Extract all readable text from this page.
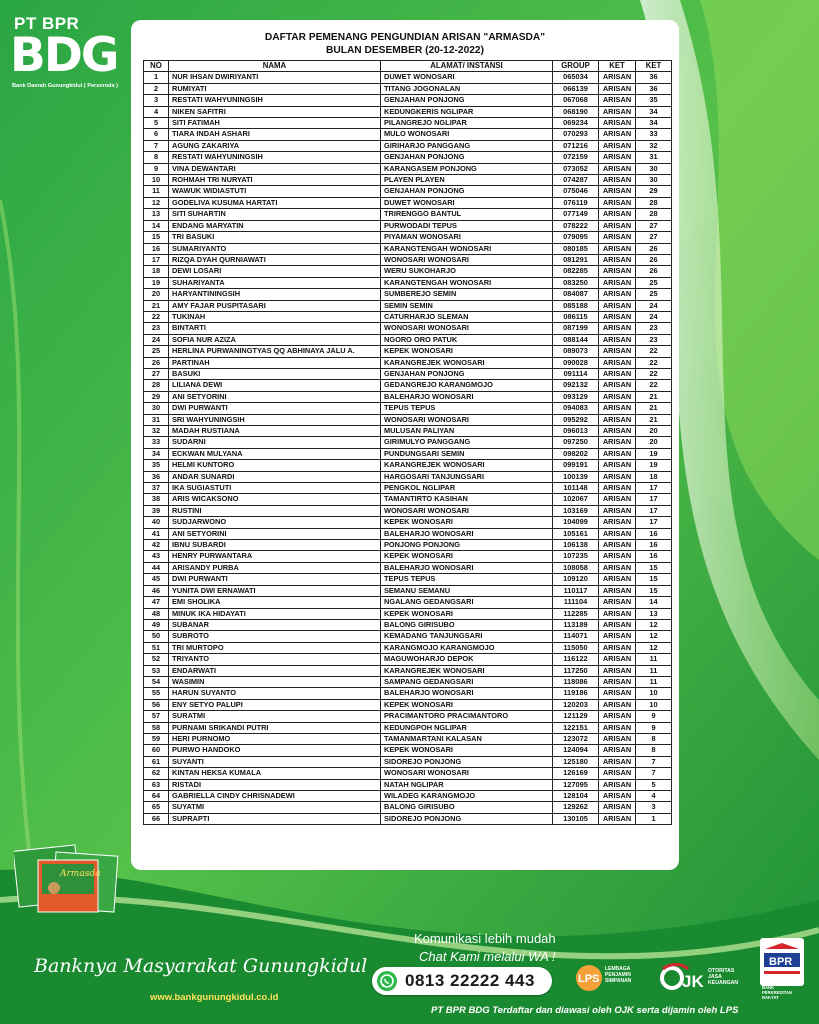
PT BPR
BDG
Bank Daerah Gunungkidul ( Perseroda )
DAFTAR PEMENANG PENGUNDIAN ARISAN "ARMASDA"
BULAN DESEMBER (20-12-2022)
NO	NAMA	ALAMAT/ INSTANSI	GROUP	KET	KET
1	NUR IHSAN DWIRIYANTI	DUWET WONOSARI	065034	ARISAN	36
2	RUMIYATI	TITANG JOGONALAN	066139	ARISAN	36
3	RESTATI WAHYUNINGSIH	GENJAHAN PONJONG	067068	ARISAN	35
4	NIKEN SAFITRI	KEDUNGKERIS NGLIPAR	068190	ARISAN	34
5	SITI FATIMAH	PILANGREJO NGLIPAR	069234	ARISAN	34
6	TIARA INDAH ASHARI	MULO WONOSARI	070293	ARISAN	33
7	AGUNG ZAKARIYA	GIRIHARJO PANGGANG	071216	ARISAN	32
8	RESTATI WAHYUNINGSIH	GENJAHAN PONJONG	072159	ARISAN	31
9	VINA DEWANTARI	KARANGASEM PONJONG	073052	ARISAN	30
10	ROHMAH TRI NURYATI	PLAYEN PLAYEN	074287	ARISAN	30
11	WAWUK WIDIASTUTI	GENJAHAN PONJONG	075046	ARISAN	29
12	GODELIVA KUSUMA HARTATI	DUWET WONOSARI	076119	ARISAN	28
13	SITI SUHARTIN	TRIRENGGO BANTUL	077149	ARISAN	28
14	ENDANG MARYATIN	PURWODADI TEPUS	078222	ARISAN	27
15	TRI BASUKI	PIYAMAN WONOSARI	079095	ARISAN	27
16	SUMARIYANTO	KARANGTENGAH WONOSARI	080185	ARISAN	26
17	RIZQA DYAH QURNIAWATI	WONOSARI WONOSARI	081291	ARISAN	26
18	DEWI LOSARI	WERU SUKOHARJO	082285	ARISAN	26
19	SUHARIYANTA	KARANGTENGAH WONOSARI	083250	ARISAN	25
20	HARYANTININGSIH	SUMBEREJO SEMIN	084087	ARISAN	25
21	AMY FAJAR PUSPITASARI	SEMIN SEMIN	085188	ARISAN	24
22	TUKINAH	CATURHARJO SLEMAN	086115	ARISAN	24
23	BINTARTI	WONOSARI WONOSARI	087199	ARISAN	23
24	SOFIA NUR AZIZA	NGORO ORO PATUK	088144	ARISAN	23
25	HERLINA PURWANINGTYAS QQ ABHINAYA JALU A.	KEPEK WONOSARI	089073	ARISAN	22
26	PARTINAH	KARANGREJEK WONOSARI	090028	ARISAN	22
27	BASUKI	GENJAHAN PONJONG	091114	ARISAN	22
28	LILIANA DEWI	GEDANGREJO KARANGMOJO	092132	ARISAN	22
29	ANI SETYORINI	BALEHARJO WONOSARI	093129	ARISAN	21
30	DWI PURWANTI	TEPUS TEPUS	094083	ARISAN	21
31	SRI WAHYUNINGSIH	WONOSARI WONOSARI	095292	ARISAN	21
32	MADAH RUSTIANA	MULUSAN PALIYAN	096013	ARISAN	20
33	SUDARNI	GIRIMULYO PANGGANG	097250	ARISAN	20
34	ECKWAN MULYANA	PUNDUNGSARI SEMIN	098202	ARISAN	19
35	HELMI KUNTORO	KARANGREJEK WONOSARI	099191	ARISAN	19
36	ANDAR SUNARDI	HARGOSARI TANJUNGSARI	100139	ARISAN	18
37	IKA SUGIASTUTI	PENGKOL NGLIPAR	101148	ARISAN	17
38	ARIS WICAKSONO	TAMANTIRTO KASIHAN	102067	ARISAN	17
39	RUSTINI	WONOSARI WONOSARI	103169	ARISAN	17
40	SUDJARWONO	KEPEK WONOSARI	104099	ARISAN	17
41	ANI SETYORINI	BALEHARJO WONOSARI	105161	ARISAN	16
42	IBNU SUBARDI	PONJONG PONJONG	106138	ARISAN	16
43	HENRY PURWANTARA	KEPEK WONOSARI	107235	ARISAN	16
44	ARISANDY PURBA	BALEHARJO WONOSARI	108058	ARISAN	15
45	DWI PURWANTI	TEPUS TEPUS	109120	ARISAN	15
46	YUNITA DWI ERNAWATI	SEMANU SEMANU	110117	ARISAN	15
47	EMI SHOLIKA	NGALANG GEDANGSARI	111104	ARISAN	14
48	MINUK IKA HIDAYATI	KEPEK WONOSARI	112285	ARISAN	13
49	SUBANAR	BALONG GIRISUBO	113189	ARISAN	12
50	SUBROTO	KEMADANG TANJUNGSARI	114071	ARISAN	12
51	TRI MURTOPO	KARANGMOJO KARANGMOJO	115050	ARISAN	12
52	TRIYANTO	MAGUWOHARJO DEPOK	116122	ARISAN	11
53	ENDARWATI	KARANGREJEK WONOSARI	117250	ARISAN	11
54	WASIMIN	SAMPANG GEDANGSARI	118086	ARISAN	11
55	HARUN SUYANTO	BALEHARJO WONOSARI	119186	ARISAN	10
56	ENY SETYO PALUPI	KEPEK WONOSARI	120203	ARISAN	10
57	SURATMI	PRACIMANTORO PRACIMANTORO	121129	ARISAN	9
58	PURNAMI SRIKANDI PUTRI	KEDUNGPOH NGLIPAR	122151	ARISAN	9
59	HERI PURNOMO	TAMANMARTANI KALASAN	123072	ARISAN	8
60	PURWO HANDOKO	KEPEK WONOSARI	124094	ARISAN	8
61	SUYANTI	SIDOREJO PONJONG	125180	ARISAN	7
62	KINTAN HEKSA KUMALA	WONOSARI WONOSARI	126169	ARISAN	7
63	RISTADI	NATAH NGLIPAR	127095	ARISAN	5
64	GABRIELLA CINDY CHRISNADEWI	WILADEG KARANGMOJO	128104	ARISAN	4
65	SUYATMI	BALONG GIRISUBO	129262	ARISAN	3
66	SUPRAPTI	SIDOREJO PONJONG	130105	ARISAN	1
Armasda
Banknya Masyarakat Gunungkidul
www.bankgunungkidul.co.id
Komunikasi lebih mudah
Chat Kami melalui WA !
0813 22222 443	LPS
LEMBAGA
PENJAMIN
SIMPANAN	JK
OTORITAS
JASA
KEUANGAN
BPR
BANK
PERKREDITAN
RAKYAT
PT BPR BDG Terdaftar dan diawasi oleh OJK serta dijamin oleh LPS
